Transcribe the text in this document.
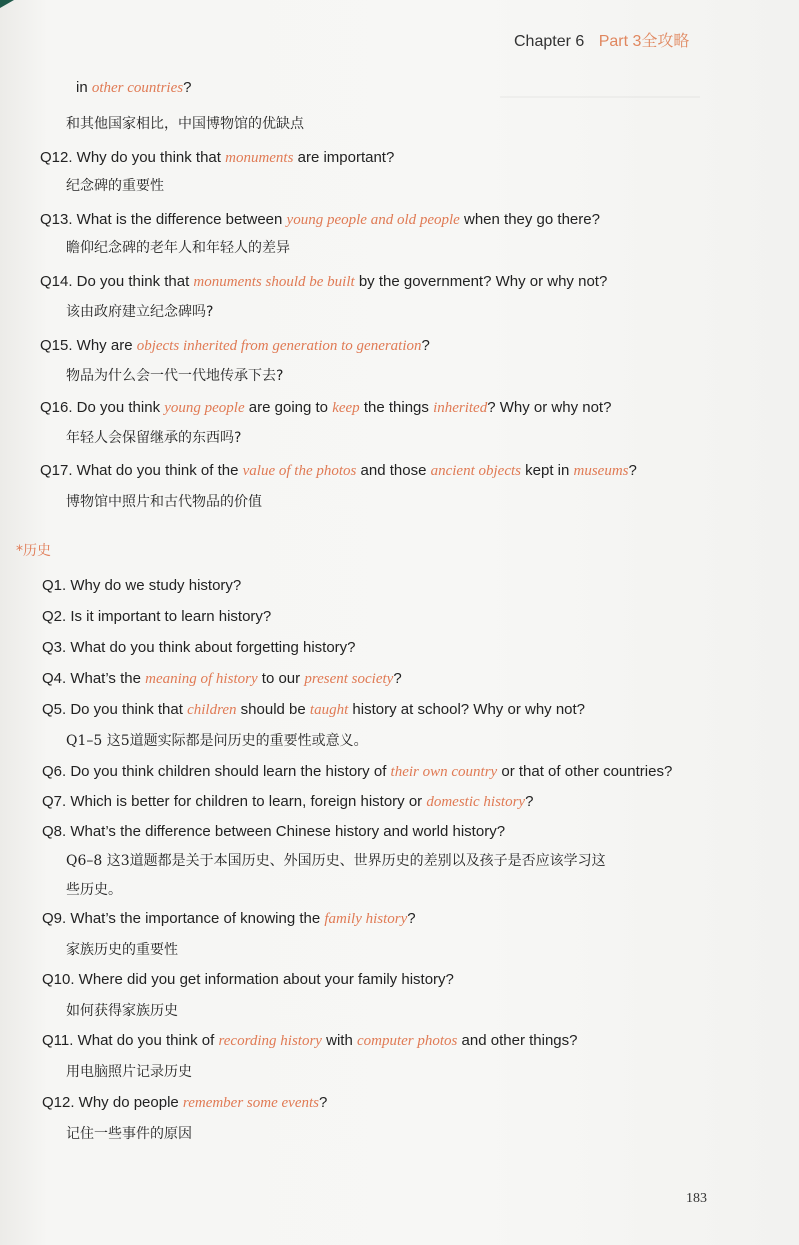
Chapter 6 Part 3全攻略
in other countries?
和其他国家相比，中国博物馆的优缺点
Q12. Why do you think that monuments are important?
纪念碑的重要性
Q13. What is the difference between young people and old people when they go there?
瞻仰纪念碑的老年人和年轻人的差异
Q14. Do you think that monuments should be built by the government? Why or why not?
该由政府建立纪念碑吗?
Q15. Why are objects inherited from generation to generation?
物品为什么会一代一代地传承下去?
Q16. Do you think young people are going to keep the things inherited? Why or why not?
年轻人会保留继承的东西吗?
Q17. What do you think of the value of the photos and those ancient objects kept in museums?
博物馆中照片和古代物品的价值
Q1. Why do we study history?
Q2. Is it important to learn history?
Q3. What do you think about forgetting history?
Q4. What’s the meaning of history to our present society?
Q5. Do you think that children should be taught history at school? Why or why not?
Q1–5 这5道题实际都是问历史的重要性或意义。
Q6. Do you think children should learn the history of their own country or that of other countries?
Q7. Which is better for children to learn, foreign history or domestic history?
Q8. What’s the difference between Chinese history and world history?
Q6–8 这3道题都是关于本国历史、外国历史、世界历史的差别以及孩子是否应该学习这
些历史。
Q9. What’s the importance of knowing the family history?
家族历史的重要性
Q10. Where did you get information about your family history?
如何获得家族历史
Q11. What do you think of recording history with computer photos and other things?
用电脑照片记录历史
Q12. Why do people remember some events?
记住一些事件的原因
*历史
183
